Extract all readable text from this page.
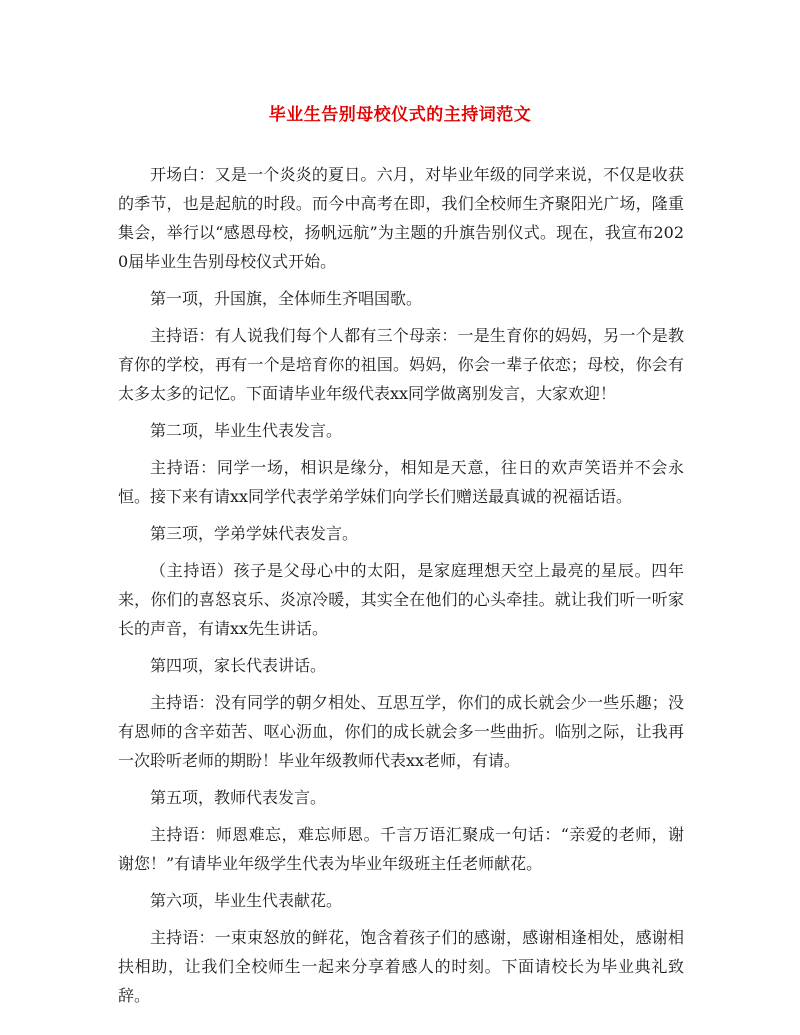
毕业生告别母校仪式的主持词范文

开场白：又是一个炎炎的夏日。六月，对毕业年级的同学来说，不仅是收获的季节，也是起航的时段。而今中高考在即，我们全校师生齐聚阳光广场，隆重集会，举行以“感恩母校，扬帆远航”为主题的升旗告别仪式。现在，我宣布2020届毕业生告别母校仪式开始。

第一项，升国旗，全体师生齐唱国歌。

主持语：有人说我们每个人都有三个母亲：一是生育你的妈妈，另一个是教育你的学校，再有一个是培育你的祖国。妈妈，你会一辈子依恋；母校，你会有太多太多的记忆。下面请毕业年级代表xx同学做离别发言，大家欢迎！

第二项，毕业生代表发言。

主持语：同学一场，相识是缘分，相知是天意，往日的欢声笑语并不会永恒。接下来有请xx同学代表学弟学妹们向学长们赠送最真诚的祝福话语。

第三项，学弟学妹代表发言。

（主持语）孩子是父母心中的太阳，是家庭理想天空上最亮的星辰。四年来，你们的喜怒哀乐、炎凉冷暖，其实全在他们的心头牵挂。就让我们听一听家长的声音，有请xx先生讲话。

第四项，家长代表讲话。

主持语：没有同学的朝夕相处、互思互学，你们的成长就会少一些乐趣；没有恩师的含辛茹苦、呕心沥血，你们的成长就会多一些曲折。临别之际，让我再一次聆听老师的期盼！毕业年级教师代表xx老师，有请。

第五项，教师代表发言。

主持语：师恩难忘，难忘师恩。千言万语汇聚成一句话：“亲爱的老师，谢谢您！”有请毕业年级学生代表为毕业年级班主任老师献花。

第六项，毕业生代表献花。

主持语：一束束怒放的鲜花，饱含着孩子们的感谢，感谢相逢相处，感谢相扶相助，让我们全校师生一起来分享着感人的时刻。下面请校长为毕业典礼致辞。
